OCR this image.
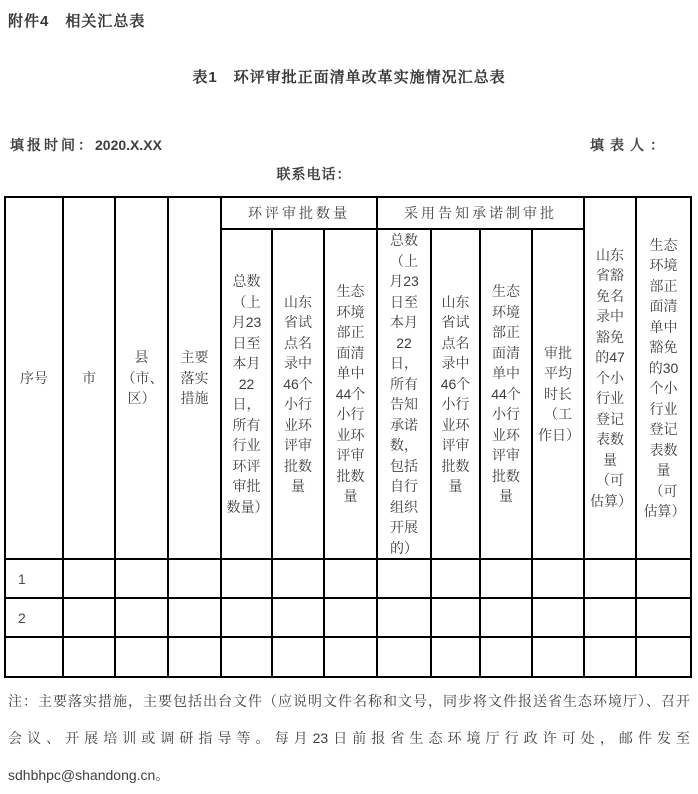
附件4　相关汇总表
表1　环评审批正面清单改革实施情况汇总表
填报时间：2020.X.XX	填表人：
联系电话：
序号	市	县（市、区）	主要落实措施	环评审批数量			采用告知承诺制审批				山东省豁免名录中豁免的47个小行业登记表数量（可估算）	生态环境部正面清单中豁免的30个小行业登记表数量（可估算）

				总数（上月23日至本月22日，所有行业环评审批数量）	山东省试点名录中46个小行业环评审批数量	生态环境部正面清单中44个小行业环评审批数量	总数（上月23日至本月22日，所有告知承诺数，包括自行组织开展的）	山东省试点名录中46个小行业环评审批数量	生态环境部正面清单中44个小行业环评审批数量	审批平均时长（工作日）		

1												
2												

注：主要落实措施，主要包括出台文件（应说明文件名称和文号，同步将文件报送省生态环境厅）、召开
会议、开展培训或调研指导等。每月23日前报省生态环境厅行政许可处，邮件发至
sdhbhpc@shandong.cn。
